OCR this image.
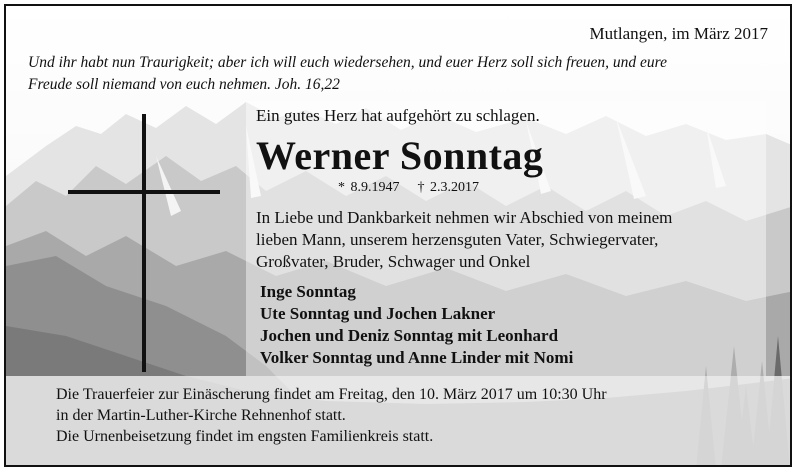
Mutlangen, im März 2017
Und ihr habt nun Traurigkeit; aber ich will euch wiedersehen, und euer Herz soll sich freuen, und eure
Freude soll niemand von euch nehmen. Joh. 16,22
Ein gutes Herz hat aufgehört zu schlagen.
Werner Sonntag
* 8.9.1947 † 2.3.2017
In Liebe und Dankbarkeit nehmen wir Abschied von meinem
lieben Mann, unserem herzensguten Vater, Schwiegervater,
Großvater, Bruder, Schwager und Onkel
Inge Sonntag
Ute Sonntag und Jochen Lakner
Jochen und Deniz Sonntag mit Leonhard
Volker Sonntag und Anne Linder mit Nomi
Die Trauerfeier zur Einäscherung findet am Freitag, den 10. März 2017 um 10:30 Uhr
in der Martin-Luther-Kirche Rehnenhof statt.
Die Urnenbeisetzung findet im engsten Familienkreis statt.
